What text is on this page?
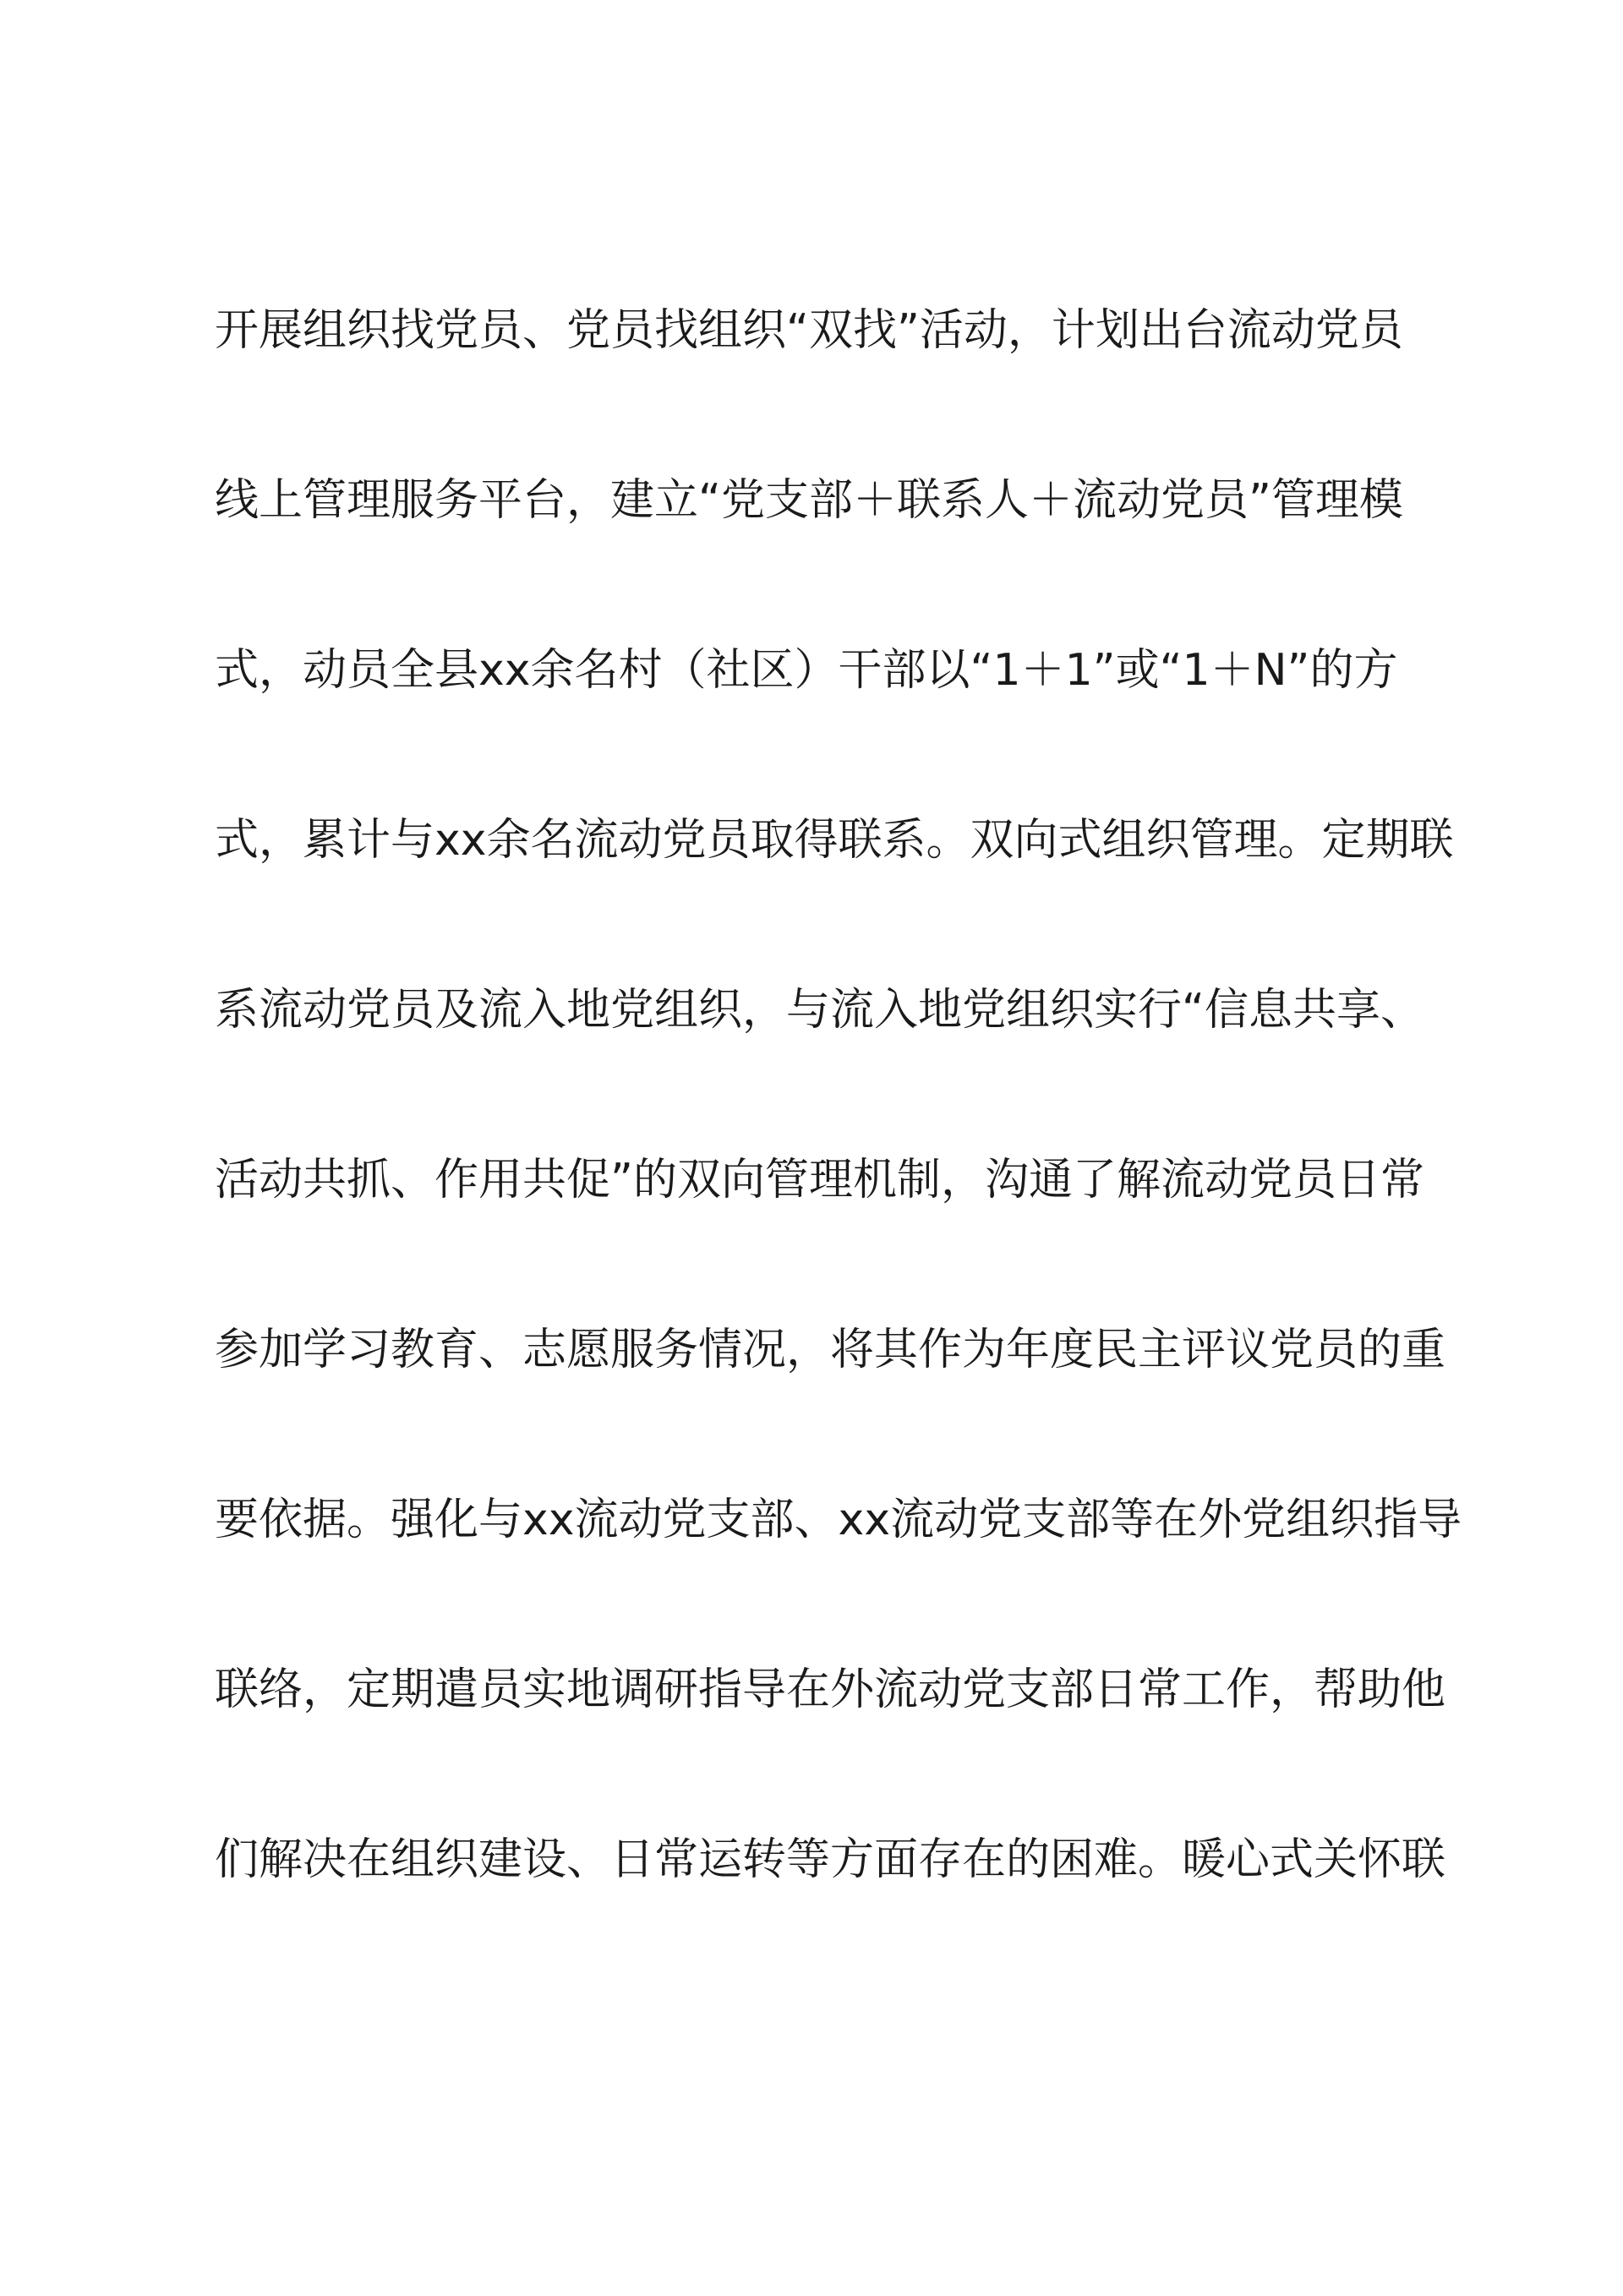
开展组织找党员、党员找组织“双找”活动，计划出台流动党员
线上管理服务平台，建立“党支部＋联系人＋流动党员”管理模
式，动员全县xx余名村（社区）干部以“1＋1”或“1＋N”的方
式，累计与xx余名流动党员取得联系。双向式组织管理。定期联
系流动党员及流入地党组织，与流入地党组织实行“信息共享、
活动共抓、作用共促”的双向管理机制，沟通了解流动党员日常
参加学习教育、志愿服务情况，将其作为年度民主评议党员的重
要依据。强化与xx流动党支部、xx流动党支部等在外党组织指导
联络，定期遣员实地调研指导在外流动党支部日常工作，帮助他
们解决在组织建设、日常运转等方面存在的困难。暖心式关怀联
